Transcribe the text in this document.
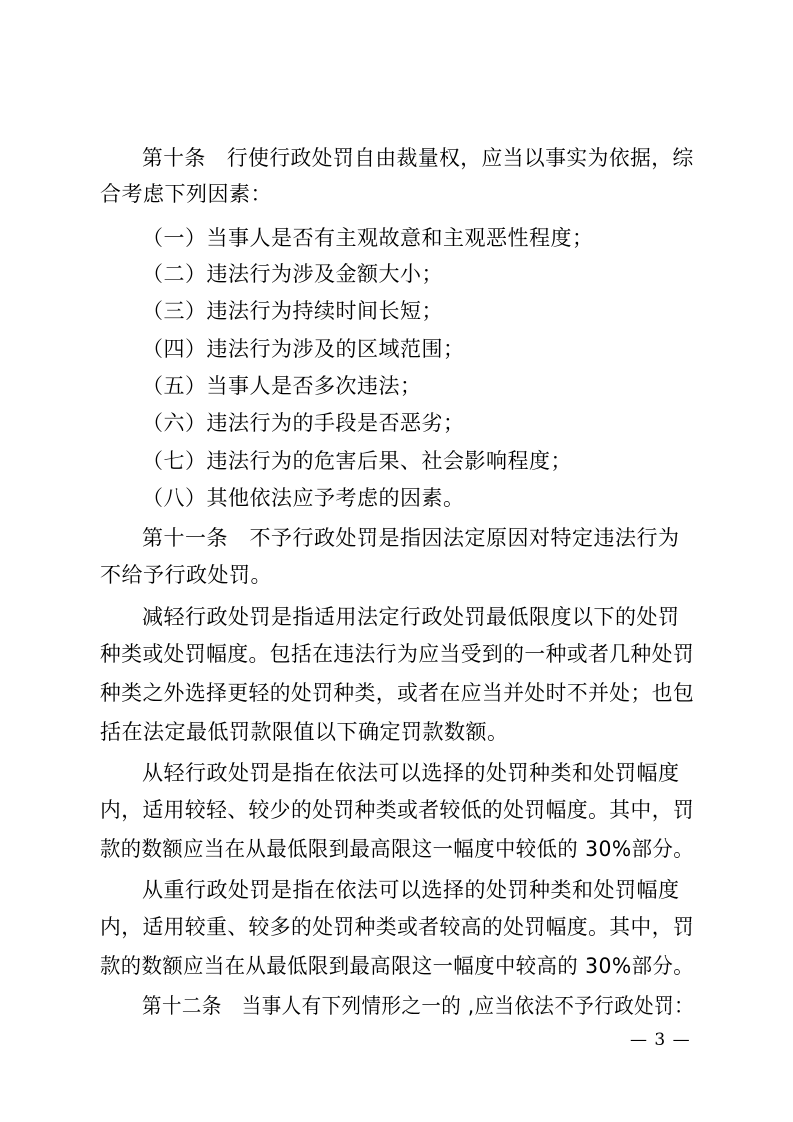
第十条　行使行政处罚自由裁量权，应当以事实为依据，综
合考虑下列因素：
（一）当事人是否有主观故意和主观恶性程度；
（二）违法行为涉及金额大小；
（三）违法行为持续时间长短；
（四）违法行为涉及的区域范围；
（五）当事人是否多次违法；
（六）违法行为的手段是否恶劣；
（七）违法行为的危害后果、社会影响程度；
（八）其他依法应予考虑的因素。
第十一条　不予行政处罚是指因法定原因对特定违法行为
不给予行政处罚。
减轻行政处罚是指适用法定行政处罚最低限度以下的处罚
种类或处罚幅度。包括在违法行为应当受到的一种或者几种处罚
种类之外选择更轻的处罚种类，或者在应当并处时不并处；也包
括在法定最低罚款限值以下确定罚款数额。
从轻行政处罚是指在依法可以选择的处罚种类和处罚幅度
内，适用较轻、较少的处罚种类或者较低的处罚幅度。其中，罚
款的数额应当在从最低限到最高限这一幅度中较低的 30%部分。
从重行政处罚是指在依法可以选择的处罚种类和处罚幅度
内，适用较重、较多的处罚种类或者较高的处罚幅度。其中，罚
款的数额应当在从最低限到最高限这一幅度中较高的 30%部分。
第十二条　当事人有下列情形之一的 ,应当依法不予行政处罚：
— 3 —
